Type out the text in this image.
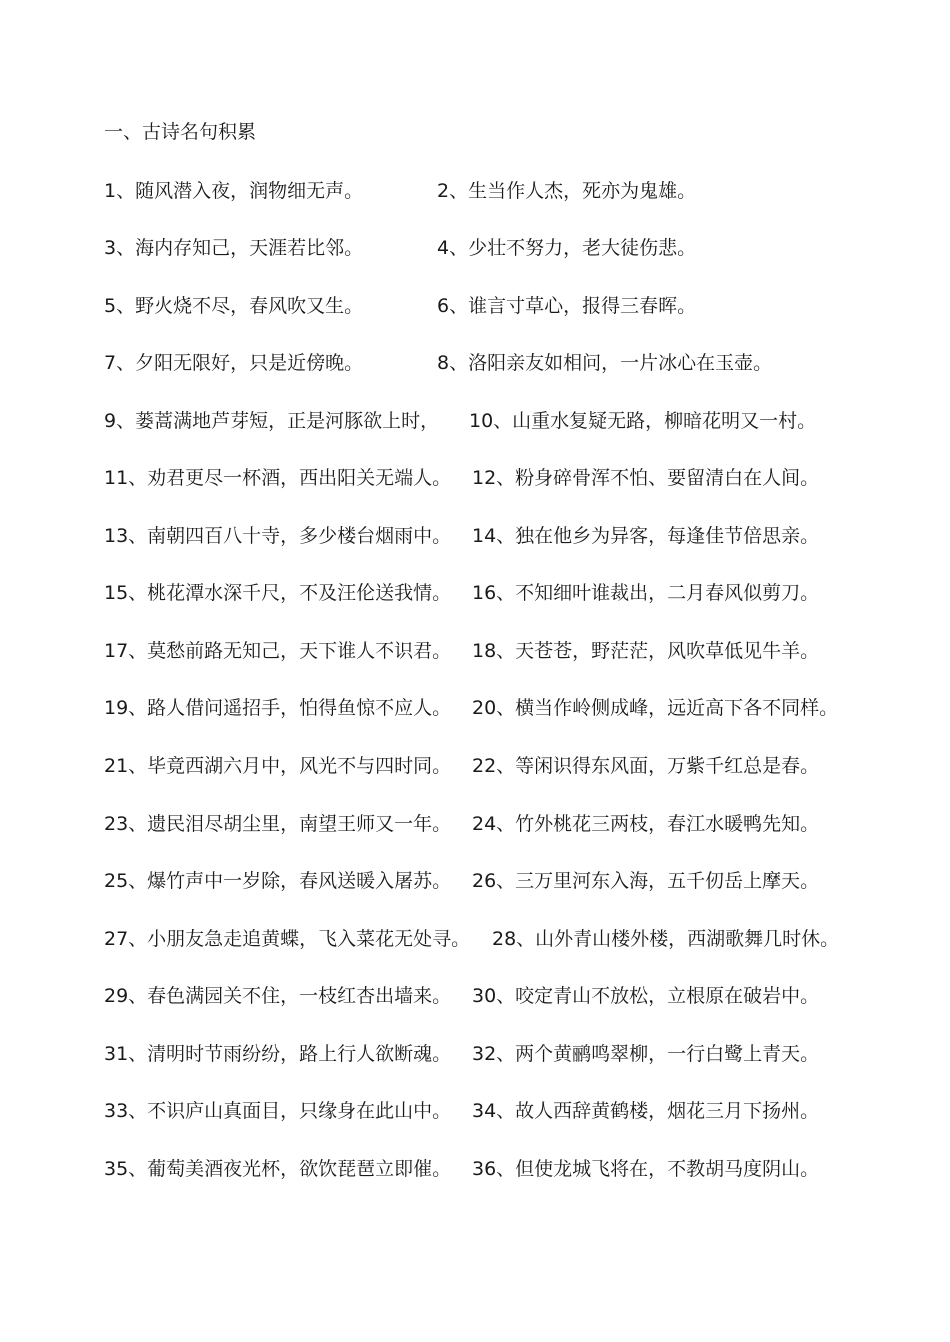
一、古诗名句积累
1、随风潜入夜，润物细无声。	2、生当作人杰，死亦为鬼雄。
3、海内存知己，天涯若比邻。	4、少壮不努力，老大徒伤悲。
5、野火烧不尽，春风吹又生。	6、谁言寸草心，报得三春晖。
7、夕阳无限好，只是近傍晚。	8、洛阳亲友如相问，一片冰心在玉壶。
9、蒌蒿满地芦芽短，正是河豚欲上时， 10、山重水复疑无路，柳暗花明又一村。
11、劝君更尽一杯酒，西出阳关无端人。 12、粉身碎骨浑不怕、要留清白在人间。
13、南朝四百八十寺，多少楼台烟雨中。 14、独在他乡为异客，每逢佳节倍思亲。
15、桃花潭水深千尺，不及汪伦送我情。 16、不知细叶谁裁出，二月春风似剪刀。
17、莫愁前路无知己，天下谁人不识君。 18、天苍苍，野茫茫，风吹草低见牛羊。
19、路人借问遥招手，怕得鱼惊不应人。 20、横当作岭侧成峰，远近高下各不同样。
21、毕竟西湖六月中，风光不与四时同。 22、等闲识得东风面，万紫千红总是春。
23、遗民泪尽胡尘里，南望王师又一年。 24、竹外桃花三两枝，春江水暖鸭先知。
25、爆竹声中一岁除，春风送暖入屠苏。 26、三万里河东入海，五千仞岳上摩天。
27、小朋友急走追黄蝶，飞入菜花无处寻。 28、山外青山楼外楼，西湖歌舞几时休。
29、春色满园关不住，一枝红杏出墙来。 30、咬定青山不放松，立根原在破岩中。
31、清明时节雨纷纷，路上行人欲断魂。 32、两个黄鹂鸣翠柳，一行白鹭上青天。
33、不识庐山真面目，只缘身在此山中。 34、故人西辞黄鹤楼，烟花三月下扬州。
35、葡萄美酒夜光杯，欲饮琵琶立即催。 36、但使龙城飞将在，不教胡马度阴山。
